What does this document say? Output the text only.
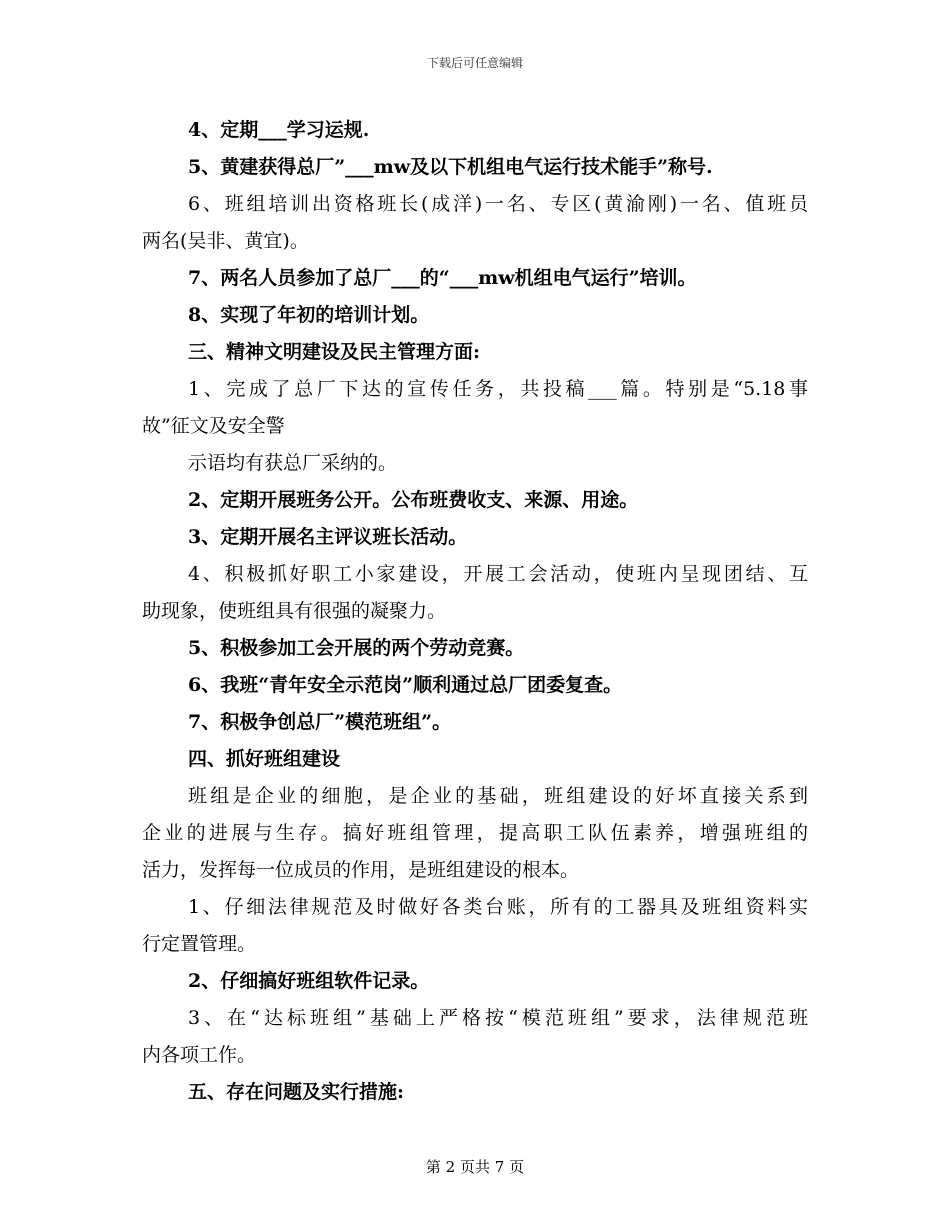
下载后可任意编辑
4、定期___学习运规.
5、黄建获得总厂”___mw及以下机组电气运行技术能手”称号.
6、班组培训出资格班长(成洋)一名、专区(黄渝刚)一名、值班员
两名(吴非、黄宜)。
7、两名人员参加了总厂___的“___mw机组电气运行”培训。
8、实现了年初的培训计划。
三、精神文明建设及民主管理方面:
1、完成了总厂下达的宣传任务，共投稿___篇。特别是“5.18事
故”征文及安全警
示语均有获总厂采纳的。
2、定期开展班务公开。公布班费收支、来源、用途。
3、定期开展名主评议班长活动。
4、积极抓好职工小家建设，开展工会活动，使班内呈现团结、互
助现象，使班组具有很强的凝聚力。
5、积极参加工会开展的两个劳动竞赛。
6、我班“青年安全示范岗”顺利通过总厂团委复查。
7、积极争创总厂”模范班组”。
四、抓好班组建设
班组是企业的细胞，是企业的基础，班组建设的好坏直接关系到
企业的进展与生存。搞好班组管理，提高职工队伍素养，增强班组的
活力，发挥每一位成员的作用，是班组建设的根本。
1、仔细法律规范及时做好各类台账，所有的工器具及班组资料实
行定置管理。
2、仔细搞好班组软件记录。
3、在“达标班组”基础上严格按“模范班组”要求，法律规范班
内各项工作。
五、存在问题及实行措施:
第 2 页共 7 页
